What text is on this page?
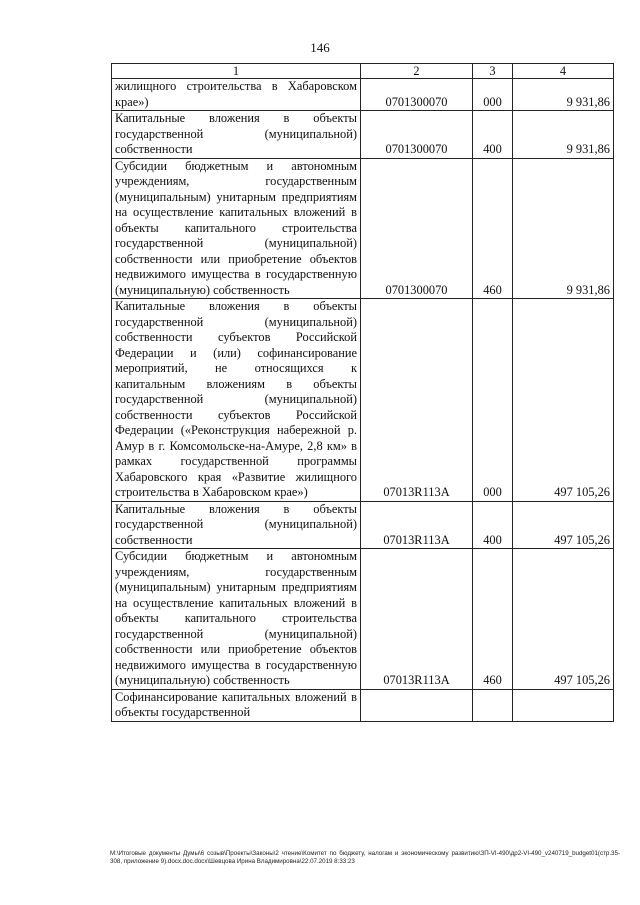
146
1	2	3	4
жилищного строительства в Хабаровском крае»)	0701300070	000	9 931,86
Капитальные вложения в объекты государственной (муниципальной) собственности	0701300070	400	9 931,86
Субсидии бюджетным и автономным учреждениям, государственным (муниципальным) унитарным предприятиям на осуществление капитальных вложений в объекты капитального строительства государственной (муниципальной) собственности или приобретение объектов недвижимого имущества в государственную (муниципальную) собственность	0701300070	460	9 931,86
Капитальные вложения в объекты государственной (муниципальной) собственности субъектов Российской Федерации и (или) софинансирование мероприятий, не относящихся к капитальным вложениям в объекты государственной (муниципальной) собственности субъектов Российской Федерации («Реконструкция набережной р. Амур в г. Комсомольске-на-Амуре, 2,8 км» в рамках государственной программы Хабаровского края «Развитие жилищного строительства в Хабаровском крае»)	07013R113A	000	497 105,26
Капитальные вложения в объекты государственной (муниципальной) собственности	07013R113A	400	497 105,26
Субсидии бюджетным и автономным учреждениям, государственным (муниципальным) унитарным предприятиям на осуществление капитальных вложений в объекты капитального строительства государственной (муниципальной) собственности или приобретение объектов недвижимого имущества в государственную (муниципальную) собственность	07013R113A	460	497 105,26
Софинансирование капитальных вложений в объекты государственной			
M:\Итоговые документы Думы\6 созыв\Проекты\Законы\2 чтение\Комитет по бюджету, налогам и экономическому развитию\ЗП-VI-490\др2-VI-490_v240719_budget01(стр.35-308, приложение 9).docx.doc.docx\Шевцова Ирина Владимировна\22.07.2019 8:33:23
